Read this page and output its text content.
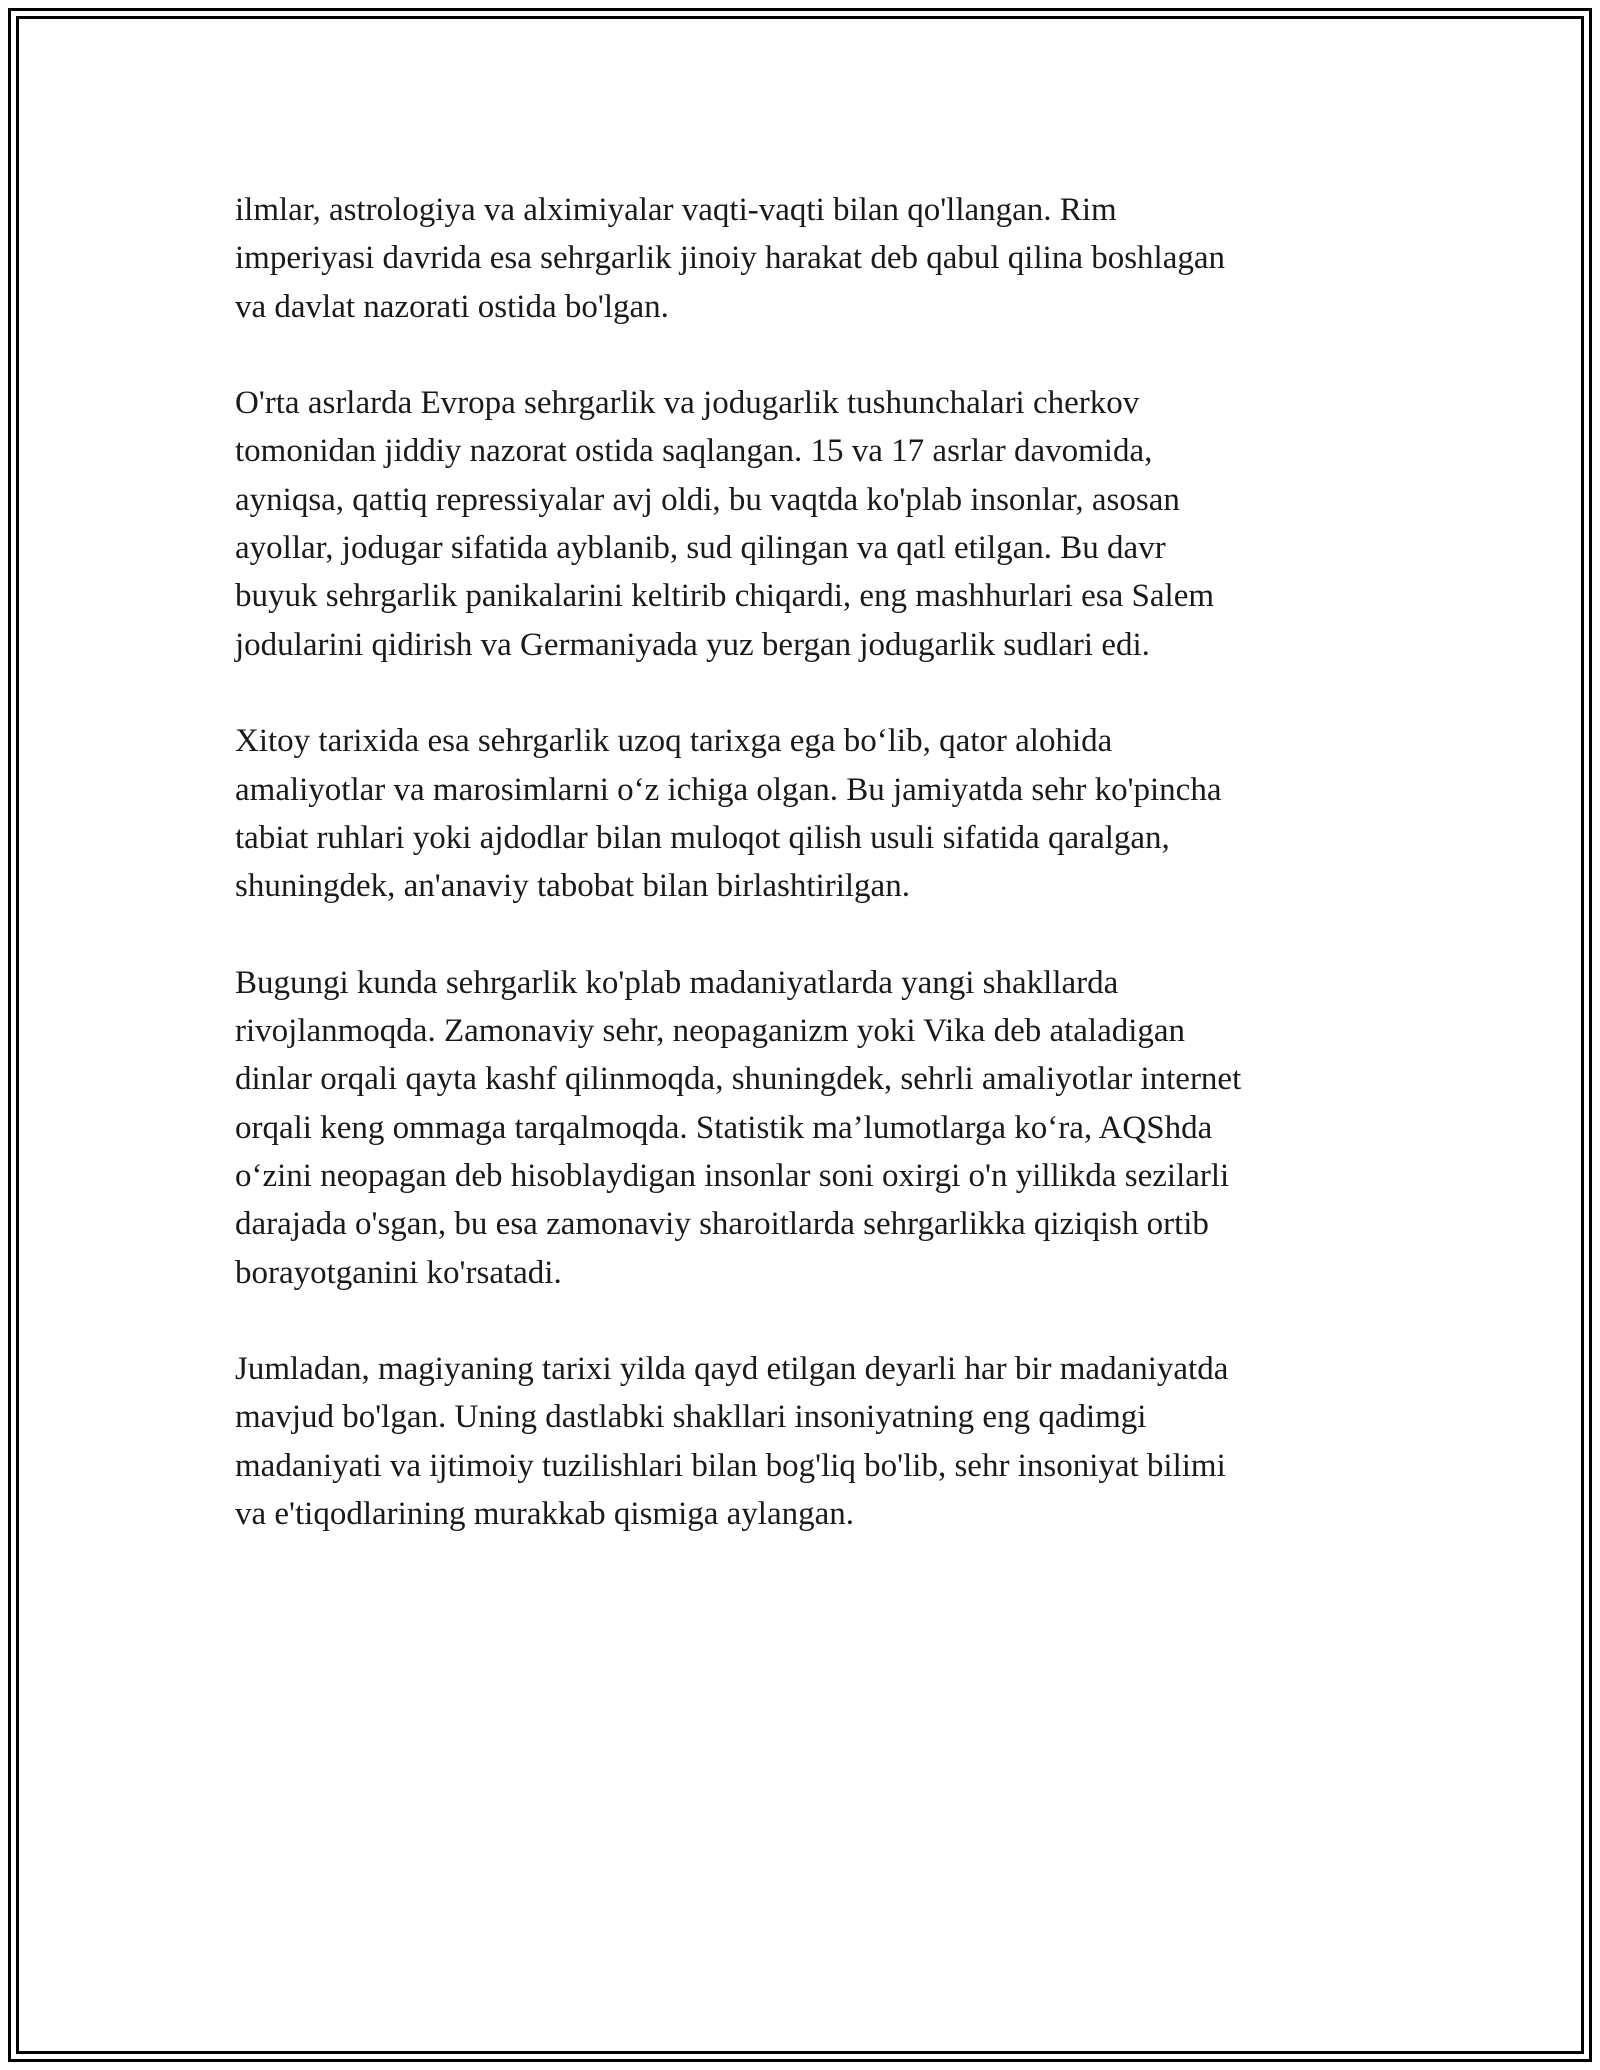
ilmlar, astrologiya va alximiyalar vaqti-vaqti bilan qo'llangan. Rim
imperiyasi davrida esa sehrgarlik jinoiy harakat deb qabul qilina boshlagan
va davlat nazorati ostida bo'lgan.

O'rta asrlarda Evropa sehrgarlik va jodugarlik tushunchalari cherkov
tomonidan jiddiy nazorat ostida saqlangan. 15 va 17 asrlar davomida,
ayniqsa, qattiq repressiyalar avj oldi, bu vaqtda ko'plab insonlar, asosan
ayollar, jodugar sifatida ayblanib, sud qilingan va qatl etilgan. Bu davr
buyuk sehrgarlik panikalarini keltirib chiqardi, eng mashhurlari esa Salem
jodularini qidirish va Germaniyada yuz bergan jodugarlik sudlari edi.

Xitoy tarixida esa sehrgarlik uzoq tarixga ega bo‘lib, qator alohida
amaliyotlar va marosimlarni o‘z ichiga olgan. Bu jamiyatda sehr ko'pincha
tabiat ruhlari yoki ajdodlar bilan muloqot qilish usuli sifatida qaralgan,
shuningdek, an'anaviy tabobat bilan birlashtirilgan.

Bugungi kunda sehrgarlik ko'plab madaniyatlarda yangi shakllarda
rivojlanmoqda. Zamonaviy sehr, neopaganizm yoki Vika deb ataladigan
dinlar orqali qayta kashf qilinmoqda, shuningdek, sehrli amaliyotlar internet
orqali keng ommaga tarqalmoqda. Statistik ma’lumotlarga ko‘ra, AQShda
o‘zini neopagan deb hisoblaydigan insonlar soni oxirgi o'n yillikda sezilarli
darajada o'sgan, bu esa zamonaviy sharoitlarda sehrgarlikka qiziqish ortib
borayotganini ko'rsatadi.

Jumladan, magiyaning tarixi yilda qayd etilgan deyarli har bir madaniyatda
mavjud bo'lgan. Uning dastlabki shakllari insoniyatning eng qadimgi
madaniyati va ijtimoiy tuzilishlari bilan bog'liq bo'lib, sehr insoniyat bilimi
va e'tiqodlarining murakkab qismiga aylangan.
